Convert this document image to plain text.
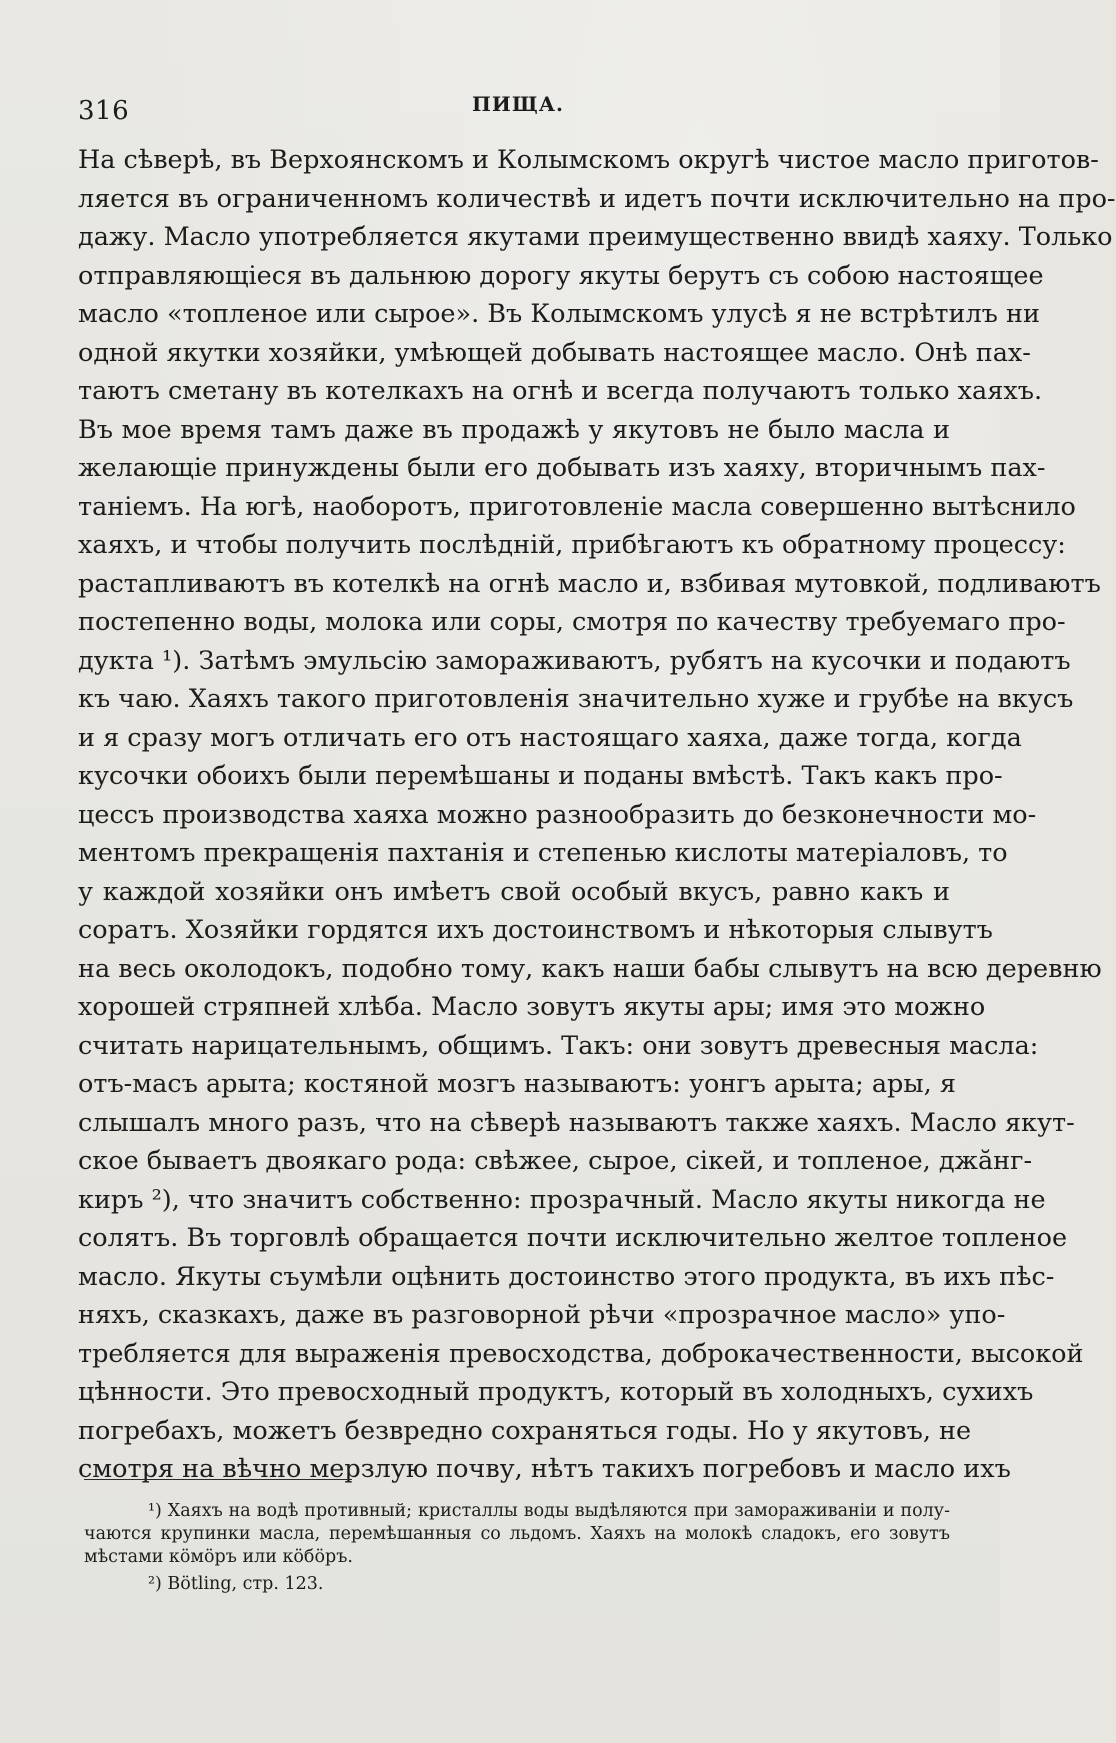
316	ПИЩА.
На сѣверѣ, въ Верхоянскомъ и Колымскомъ округѣ чистое масло приготов-
ляется въ ограниченномъ количествѣ и идетъ почти исключительно на про-
дажу. Масло употребляется якутами преимущественно ввидѣ хаяху. Только
отправляющіеся въ дальнюю дорогу якуты берутъ съ собою настоящее
масло «топленое или сырое». Въ Колымскомъ улусѣ я не встрѣтилъ ни
одной якутки хозяйки, умѣющей добывать настоящее масло. Онѣ пах-
таютъ сметану въ котелкахъ на огнѣ и всегда получаютъ только хаяхъ.
Въ мое время тамъ даже въ продажѣ у якутовъ не было масла и
желающіе принуждены были его добывать изъ хаяху, вторичнымъ пах-
таніемъ. На югѣ, наоборотъ, приготовленіе масла совершенно вытѣснило
хаяхъ, и чтобы получить послѣдній, прибѣгаютъ къ обратному процессу:
растапливаютъ въ котелкѣ на огнѣ масло и, взбивая мутовкой, подливаютъ
постепенно воды, молока или соры, смотря по качеству требуемаго про-
дукта ¹). Затѣмъ эмульсію замораживаютъ, рубятъ на кусочки и подаютъ
къ чаю. Хаяхъ такого приготовленія значительно хуже и грубѣе на вкусъ
и я сразу могъ отличать его отъ настоящаго хаяха, даже тогда, когда
кусочки обоихъ были перемѣшаны и поданы вмѣстѣ. Такъ какъ про-
цессъ производства хаяха можно разнообразить до безконечности мо-
ментомъ прекращенія пахтанія и степенью кислоты матеріаловъ, то
у каждой хозяйки онъ имѣетъ свой особый вкусъ, равно какъ и
соратъ. Хозяйки гордятся ихъ достоинствомъ и нѣкоторыя слывутъ
на весь околодокъ, подобно тому, какъ наши бабы слывутъ на всю деревню
хорошей стряпней хлѣба. Масло зовутъ якуты ары; имя это можно
считать нарицательнымъ, общимъ. Такъ: они зовутъ древесныя масла:
отъ-масъ арыта; костяной мозгъ называютъ: уонгъ арыта; ары, я
слышалъ много разъ, что на сѣверѣ называютъ также хаяхъ. Масло якут-
ское бываетъ двоякаго рода: свѣжее, сырое, сікей, и топленое, джăнг-
киръ ²), что значитъ собственно: прозрачный. Масло якуты никогда не
солятъ. Въ торговлѣ обращается почти исключительно желтое топленое
масло. Якуты съумѣли оцѣнить достоинство этого продукта, въ ихъ пѣс-
няхъ, сказкахъ, даже въ разговорной рѣчи «прозрачное масло» упо-
требляется для выраженія превосходства, доброкачественности, высокой
цѣнности. Это превосходный продуктъ, который въ холодныхъ, сухихъ
погребахъ, можетъ безвредно сохраняться годы. Но у якутовъ, не
смотря на вѣчно мерзлую почву, нѣтъ такихъ погребовъ и масло ихъ
¹) Хаяхъ на водѣ противный; кристаллы воды выдѣляются при замораживаніи и полу-
чаются крупинки масла, перемѣшанныя со льдомъ. Хаяхъ на молокѣ сладокъ, его зовутъ
мѣстами кӧмӧръ или кӧбӧръ.
²) Bötling, стр. 123.
